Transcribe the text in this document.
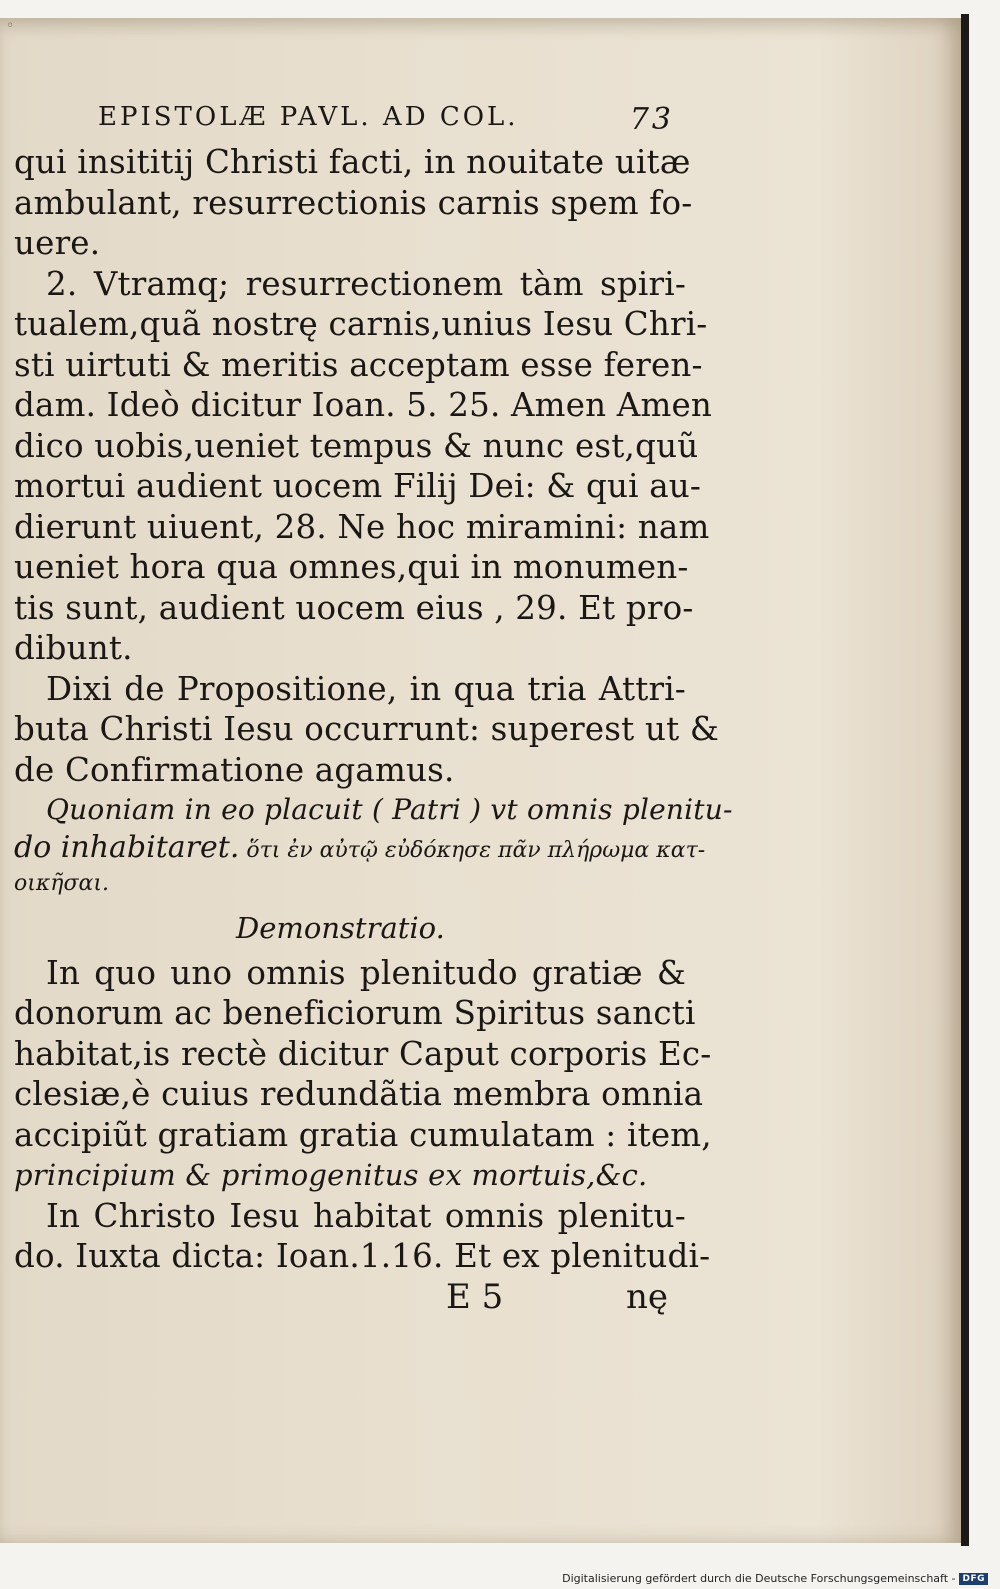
◦
EPISTOLÆ PAVL. AD COL.	73
qui insititij Christi facti, in nouitate uitæ
ambulant, resurrectionis carnis spem fo-
uere.
2. Vtramq; resurrectionem tàm spiri-
tualem,quã nostrę carnis,unius Iesu Chri-
sti uirtuti & meritis acceptam esse feren-
dam. Ideò dicitur Ioan. 5. 25. Amen Amen
dico uobis,ueniet tempus & nunc est,quũ
mortui audient uocem Filij Dei: & qui au-
dierunt uiuent, 28. Ne hoc miramini: nam
ueniet hora qua omnes,qui in monumen-
tis sunt, audient uocem eius , 29. Et pro-
dibunt.
Dixi de Propositione, in qua tria Attri-
buta Christi Iesu occurrunt: superest ut &
de Confirmatione agamus.
Quoniam in eo placuit ( Patri ) vt omnis plenitu-
do inhabitaret. ὅτι ἐν αὐτῷ εὐδόκησε πᾶν πλήρωμα κατ-
οικῆσαι.
Demonstratio.
In quo uno omnis plenitudo gratiæ &
donorum ac beneficiorum Spiritus sancti
habitat,is rectè dicitur Caput corporis Ec-
clesiæ,è cuius redundãtia membra omnia
accipiũt gratiam gratia cumulatam : item,
principium & primogenitus ex mortuis,&c.
In Christo Iesu habitat omnis plenitu-
do. Iuxta dicta: Ioan.1.16. Et ex plenitudi-
E 5	nę
Digitalisierung gefördert durch die Deutsche Forschungsgemeinschaft - DFG
